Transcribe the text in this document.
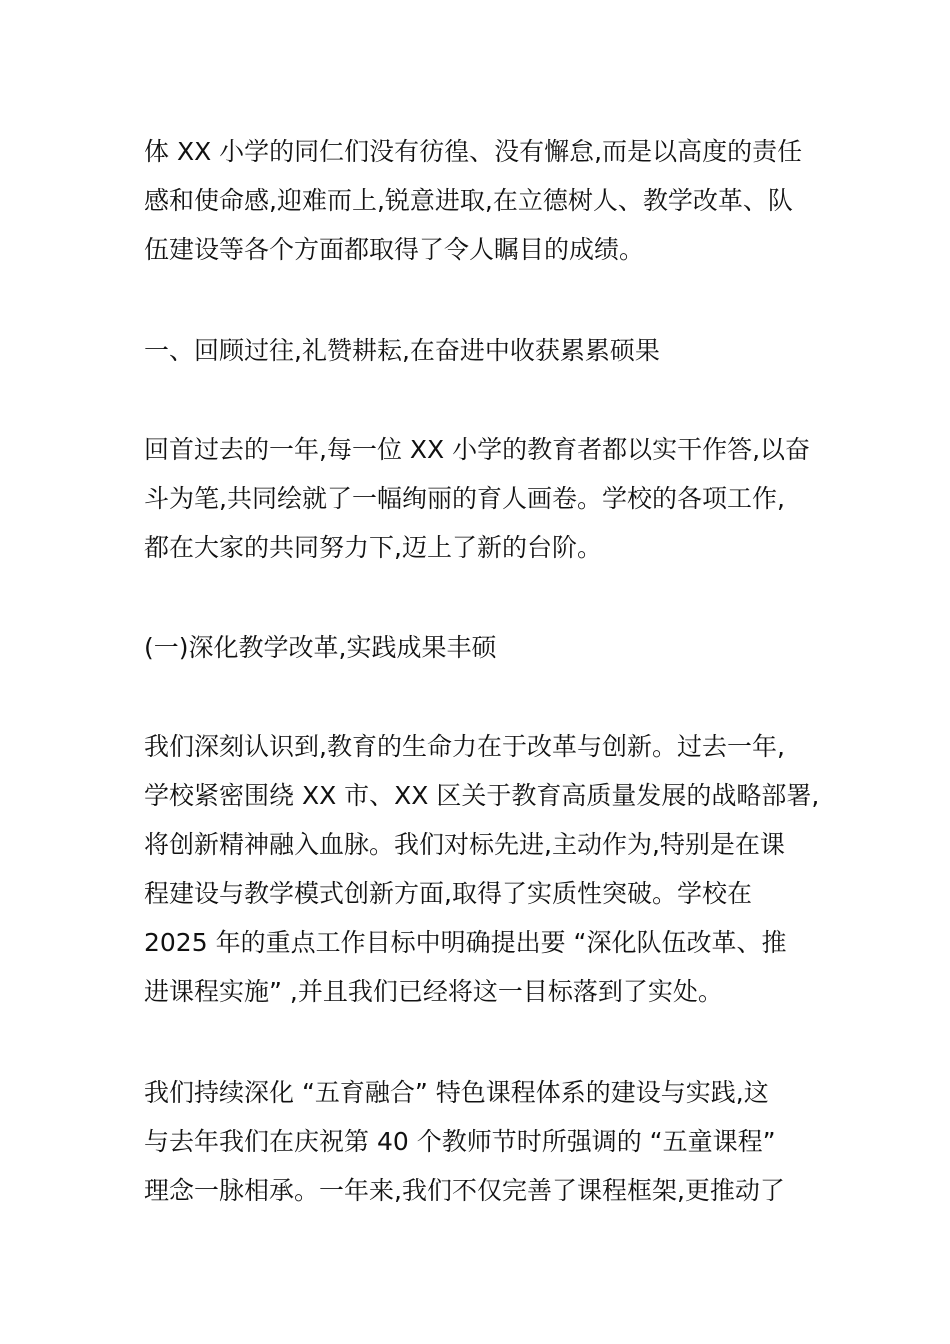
体 XX 小学的同仁们没有彷徨、没有懈怠,而是以高度的责任
感和使命感,迎难而上,锐意进取,在立德树人、教学改革、队
伍建设等各个方面都取得了令人瞩目的成绩。
一、回顾过往,礼赞耕耘,在奋进中收获累累硕果
回首过去的一年,每一位 XX 小学的教育者都以实干作答,以奋
斗为笔,共同绘就了一幅绚丽的育人画卷。学校的各项工作,
都在大家的共同努力下,迈上了新的台阶。
(一)深化教学改革,实践成果丰硕
我们深刻认识到,教育的生命力在于改革与创新。过去一年,
学校紧密围绕 XX 市、XX 区关于教育高质量发展的战略部署,
将创新精神融入血脉。我们对标先进,主动作为,特别是在课
程建设与教学模式创新方面,取得了实质性突破。学校在
2025 年的重点工作目标中明确提出要 “深化队伍改革、推
进课程实施” ,并且我们已经将这一目标落到了实处。
我们持续深化 “五育融合” 特色课程体系的建设与实践,这
与去年我们在庆祝第 40 个教师节时所强调的 “五童课程”
理念一脉相承。一年来,我们不仅完善了课程框架,更推动了
